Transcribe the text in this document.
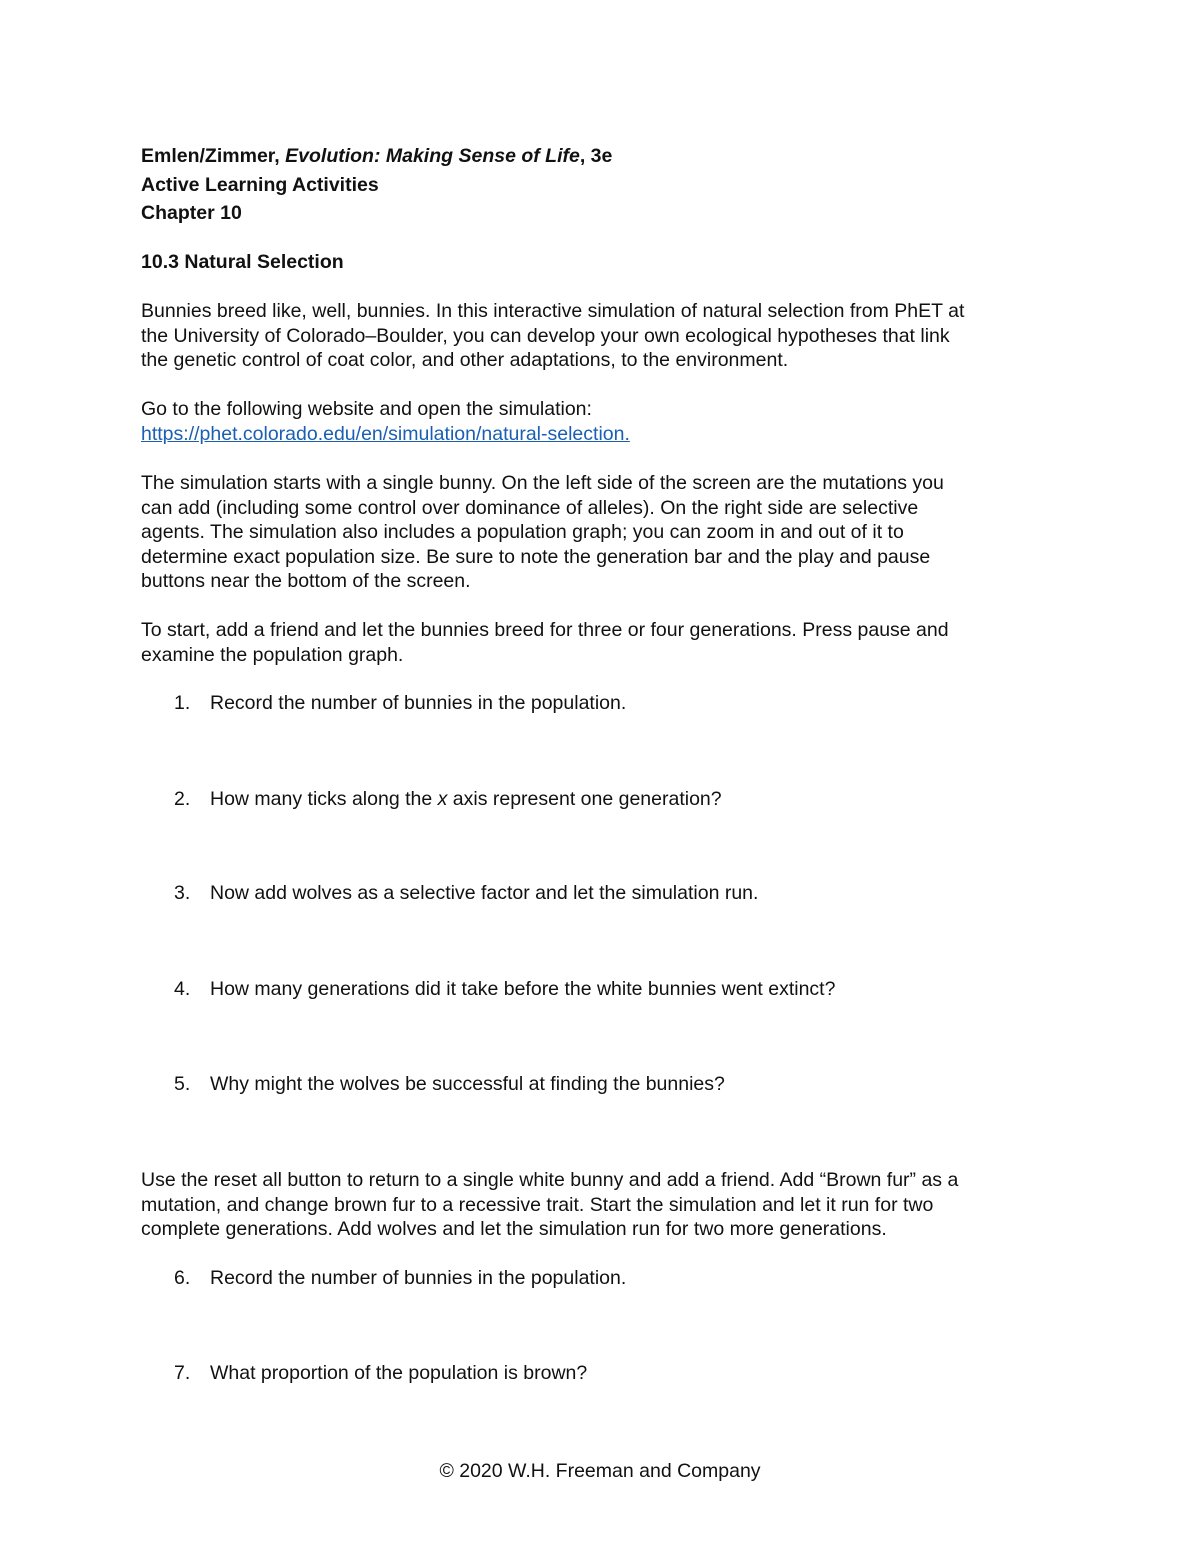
Emlen/Zimmer, Evolution: Making Sense of Life, 3e
Active Learning Activities
Chapter 10
10.3 Natural Selection
Bunnies breed like, well, bunnies. In this interactive simulation of natural selection from PhET at
the University of Colorado–Boulder, you can develop your own ecological hypotheses that link
the genetic control of coat color, and other adaptations, to the environment.
Go to the following website and open the simulation:
https://phet.colorado.edu/en/simulation/natural-selection.
The simulation starts with a single bunny. On the left side of the screen are the mutations you
can add (including some control over dominance of alleles). On the right side are selective
agents. The simulation also includes a population graph; you can zoom in and out of it to
determine exact population size. Be sure to note the generation bar and the play and pause
buttons near the bottom of the screen.
To start, add a friend and let the bunnies breed for three or four generations. Press pause and
examine the population graph.
1. Record the number of bunnies in the population.
2. How many ticks along the x axis represent one generation?
3. Now add wolves as a selective factor and let the simulation run.
4. How many generations did it take before the white bunnies went extinct?
5. Why might the wolves be successful at finding the bunnies?
Use the reset all button to return to a single white bunny and add a friend. Add “Brown fur” as a
mutation, and change brown fur to a recessive trait. Start the simulation and let it run for two
complete generations. Add wolves and let the simulation run for two more generations.
6. Record the number of bunnies in the population.
7. What proportion of the population is brown?
© 2020 W.H. Freeman and Company
